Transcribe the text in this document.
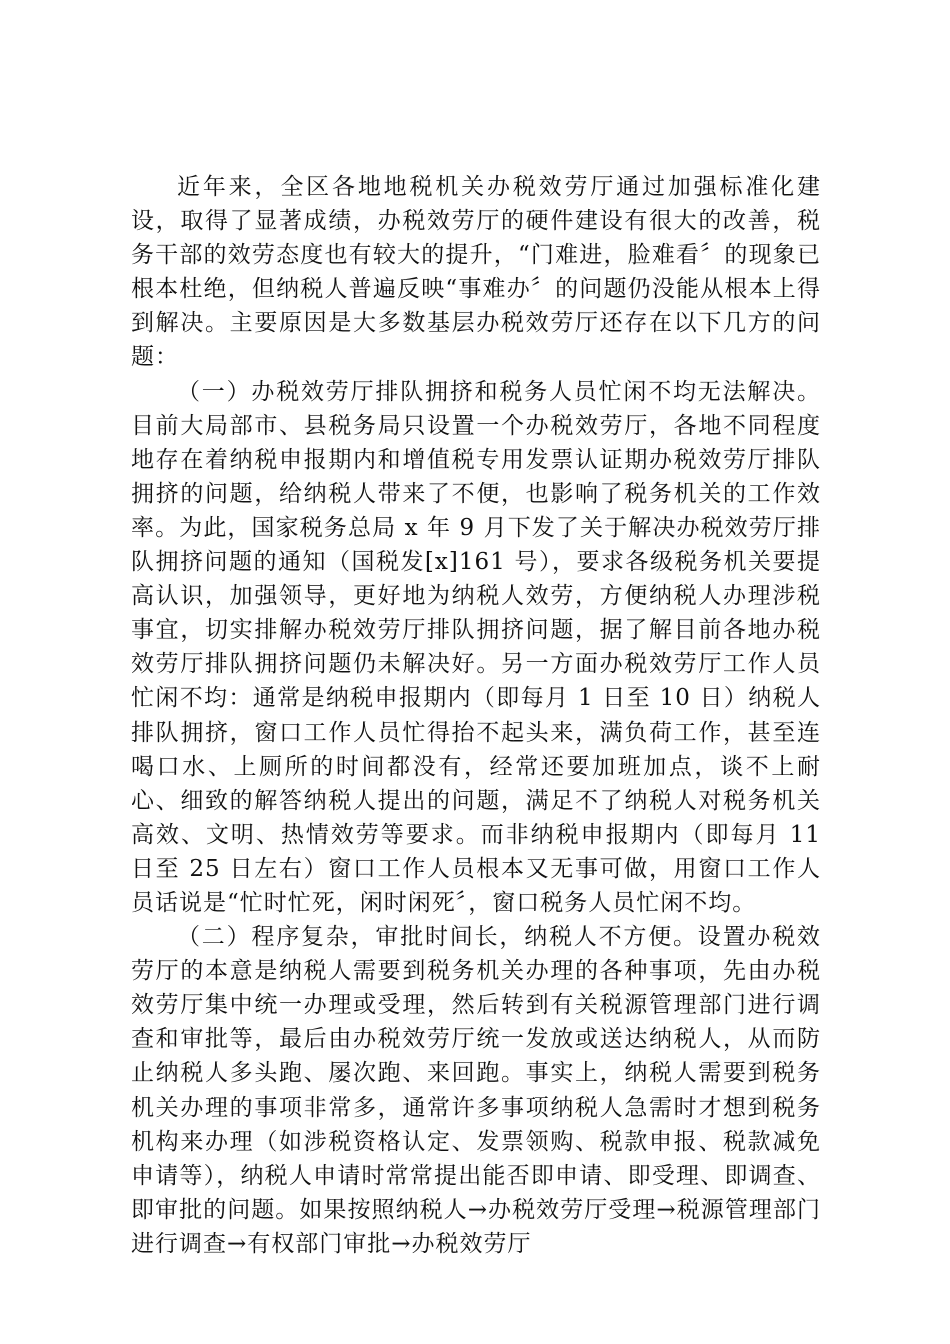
近年来，全区各地地税机关办税效劳厅通过加强标准化建设，取得了显著成绩，办税效劳厅的硬件建设有很大的改善，税务干部的效劳态度也有较大的提升，“门难进，脸难看〞的现象已根本杜绝，但纳税人普遍反映“事难办〞的问题仍没能从根本上得到解决。主要原因是大多数基层办税效劳厅还存在以下几方的问题：

（一）办税效劳厅排队拥挤和税务人员忙闲不均无法解决。目前大局部市、县税务局只设置一个办税效劳厅，各地不同程度地存在着纳税申报期内和增值税专用发票认证期办税效劳厅排队拥挤的问题，给纳税人带来了不便，也影响了税务机关的工作效率。为此，国家税务总局 x 年 9 月下发了关于解决办税效劳厅排队拥挤问题的通知（国税发[x]161 号），要求各级税务机关要提高认识，加强领导，更好地为纳税人效劳，方便纳税人办理涉税事宜，切实排解办税效劳厅排队拥挤问题，据了解目前各地办税效劳厅排队拥挤问题仍未解决好。另一方面办税效劳厅工作人员忙闲不均：通常是纳税申报期内（即每月 1 日至 10 日）纳税人排队拥挤，窗口工作人员忙得抬不起头来，满负荷工作，甚至连喝口水、上厕所的时间都没有，经常还要加班加点，谈不上耐心、细致的解答纳税人提出的问题，满足不了纳税人对税务机关高效、文明、热情效劳等要求。而非纳税申报期内（即每月 11 日至 25 日左右）窗口工作人员根本又无事可做，用窗口工作人员话说是“忙时忙死，闲时闲死〞，窗口税务人员忙闲不均。

（二）程序复杂，审批时间长，纳税人不方便。设置办税效劳厅的本意是纳税人需要到税务机关办理的各种事项，先由办税效劳厅集中统一办理或受理，然后转到有关税源管理部门进行调查和审批等，最后由办税效劳厅统一发放或送达纳税人，从而防止纳税人多头跑、屡次跑、来回跑。事实上，纳税人需要到税务机关办理的事项非常多，通常许多事项纳税人急需时才想到税务机构来办理（如涉税资格认定、发票领购、税款申报、税款减免申请等），纳税人申请时常常提出能否即申请、即受理、即调查、即审批的问题。如果按照纳税人→办税效劳厅受理→税源管理部门进行调查→有权部门审批→办税效劳厅
